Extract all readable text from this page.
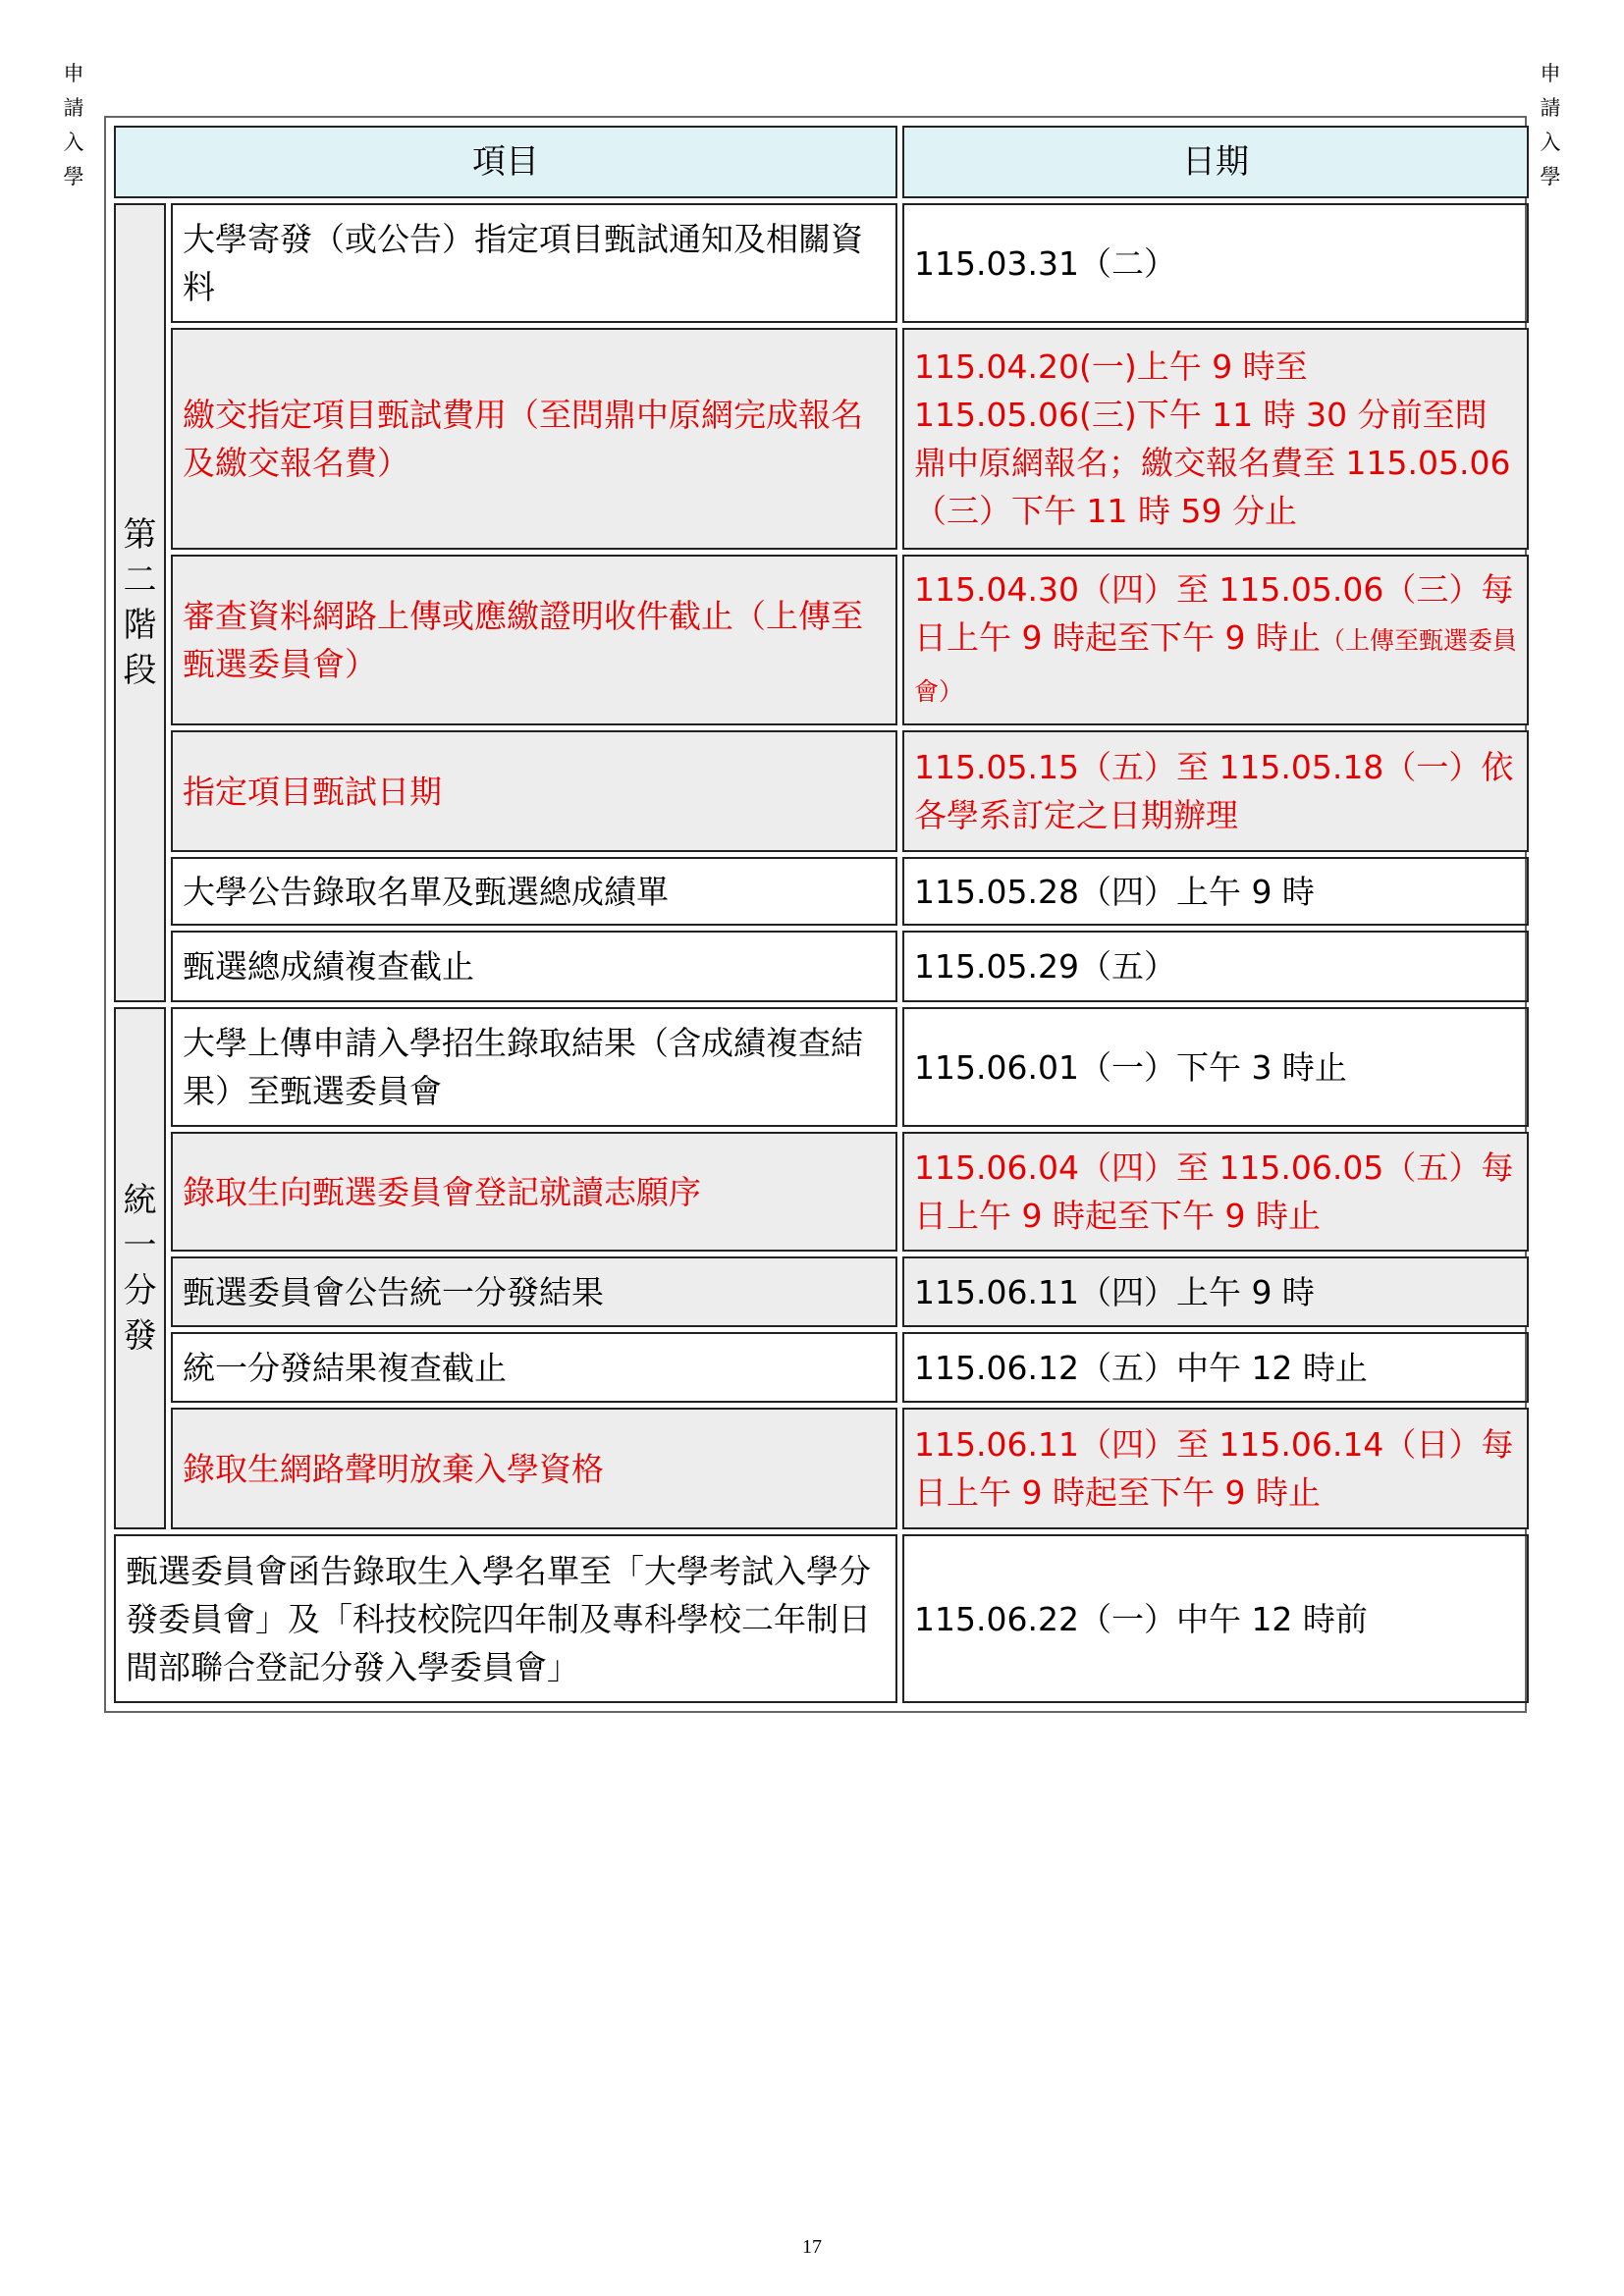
申
請
入
學
申
請
入
學
項目		日期

第
二
階
段	大學寄發（或公告）指定項目甄試通知及相關資料	115.03.31（二）
	繳交指定項目甄試費用（至問鼎中原網完成報名及繳交報名費）	115.04.20(一)上午 9 時至 115.05.06(三)下午 11 時 30 分前至問鼎中原網報名；繳交報名費至 115.05.06（三）下午 11 時 59 分止
	審查資料網路上傳或應繳證明收件截止（上傳至甄選委員會）	115.04.30（四）至 115.05.06（三）每日上午 9 時起至下午 9 時止（上傳至甄選委員會）
	指定項目甄試日期	115.05.15（五）至 115.05.18（一）依各學系訂定之日期辦理
	大學公告錄取名單及甄選總成績單	115.05.28（四）上午 9 時
	甄選總成績複查截止	115.05.29（五）

統
一
分
發	大學上傳申請入學招生錄取結果（含成績複查結果）至甄選委員會	115.06.01（一）下午 3 時止
	錄取生向甄選委員會登記就讀志願序	115.06.04（四）至 115.06.05（五）每日上午 9 時起至下午 9 時止
	甄選委員會公告統一分發結果	115.06.11（四）上午 9 時
	統一分發結果複查截止	115.06.12（五）中午 12 時止
	錄取生網路聲明放棄入學資格	115.06.11（四）至 115.06.14（日）每日上午 9 時起至下午 9 時止
甄選委員會函告錄取生入學名單至「大學考試入學分發委員會」及「科技校院四年制及專科學校二年制日間部聯合登記分發入學委員會」		115.06.22（一）中午 12 時前
17
